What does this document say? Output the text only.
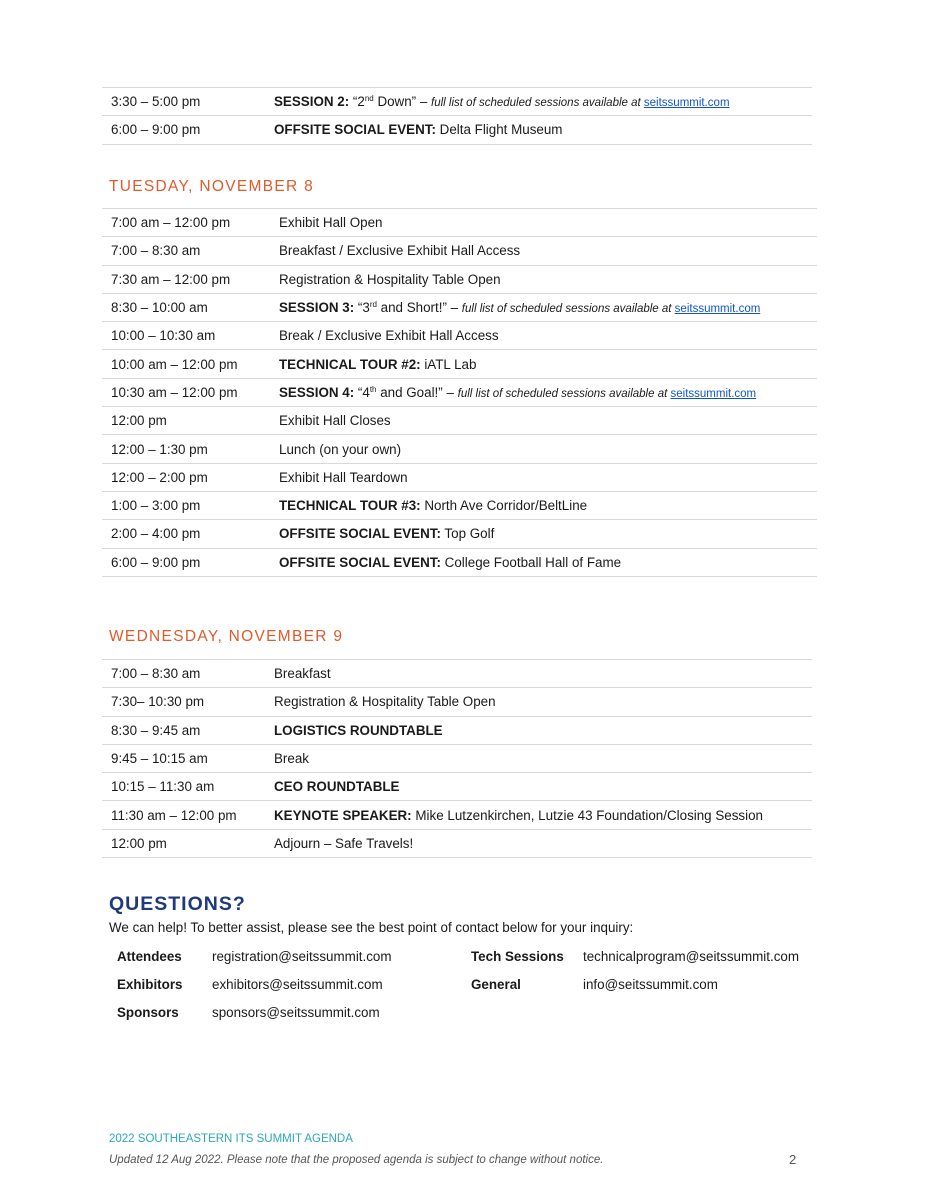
3:30 – 5:00 pm	SESSION 2: “2nd Down” – full list of scheduled sessions available at seitssummit.com
6:00 – 9:00 pm	OFFSITE SOCIAL EVENT: Delta Flight Museum
TUESDAY, NOVEMBER 8
7:00 am – 12:00 pm	Exhibit Hall Open
7:00 – 8:30 am	Breakfast / Exclusive Exhibit Hall Access
7:30 am – 12:00 pm	Registration & Hospitality Table Open
8:30 – 10:00 am	SESSION 3: “3rd and Short!” – full list of scheduled sessions available at seitssummit.com
10:00 – 10:30 am	Break / Exclusive Exhibit Hall Access
10:00 am – 12:00 pm	TECHNICAL TOUR #2: iATL Lab
10:30 am – 12:00 pm	SESSION 4: “4th and Goal!” – full list of scheduled sessions available at seitssummit.com
12:00 pm	Exhibit Hall Closes
12:00 – 1:30 pm	Lunch (on your own)
12:00 – 2:00 pm	Exhibit Hall Teardown
1:00 – 3:00 pm	TECHNICAL TOUR #3: North Ave Corridor/BeltLine
2:00 – 4:00 pm	OFFSITE SOCIAL EVENT: Top Golf
6:00 – 9:00 pm	OFFSITE SOCIAL EVENT: College Football Hall of Fame
WEDNESDAY, NOVEMBER 9
7:00 – 8:30 am	Breakfast
7:30– 10:30 pm	Registration & Hospitality Table Open
8:30 – 9:45 am	LOGISTICS ROUNDTABLE
9:45 – 10:15 am	Break
10:15 – 11:30 am	CEO ROUNDTABLE
11:30 am – 12:00 pm	KEYNOTE SPEAKER: Mike Lutzenkirchen, Lutzie 43 Foundation/Closing Session
12:00 pm	Adjourn – Safe Travels!
QUESTIONS?

We can help! To better assist, please see the best point of contact below for your inquiry:

Attendees	registration@seitssummit.com	Tech Sessions	technicalprogram@seitssummit.com
Exhibitors	exhibitors@seitssummit.com	General	info@seitssummit.com
Sponsors	sponsors@seitssummit.com		

2022 SOUTHEASTERN ITS SUMMIT AGENDA

Updated 12 Aug 2022. Please note that the proposed agenda is subject to change without notice.	2
